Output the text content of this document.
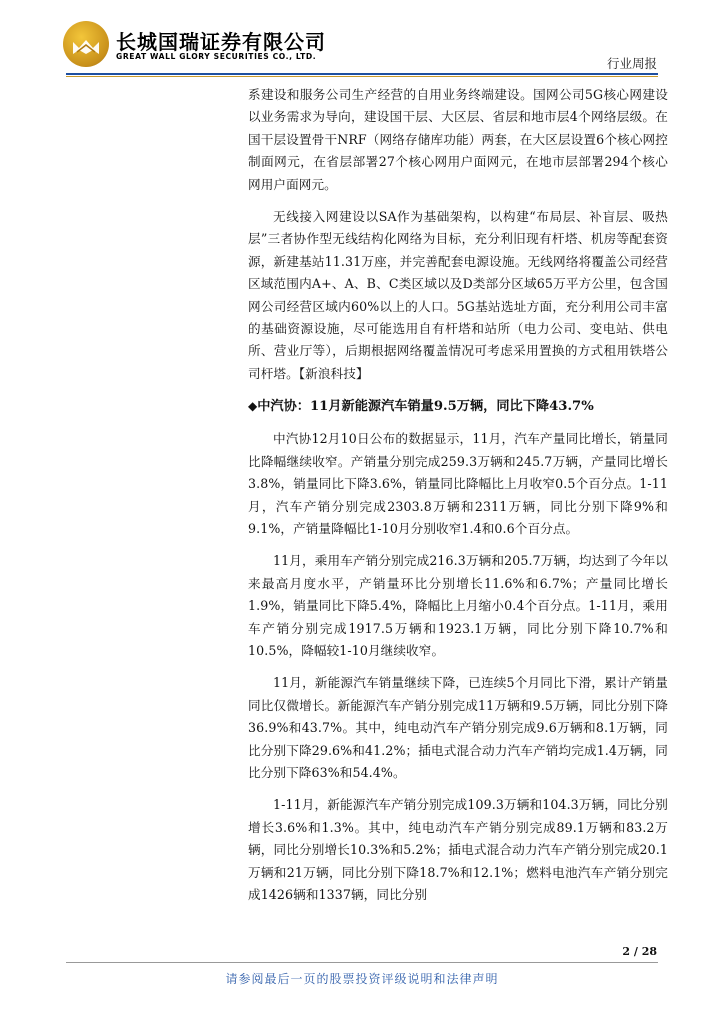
长城国瑞证券有限公司
GREAT WALL GLORY SECURITIES CO., LTD.	行业周报

系建设和服务公司生产经营的自用业务终端建设。国网公司5G核心网建设以业务需求为导向，建设国干层、大区层、省层和地市层4个网络层级。在国干层设置骨干NRF（网络存储库功能）两套，在大区层设置6个核心网控制面网元，在省层部署27个核心网用户面网元，在地市层部署294个核心网用户面网元。

无线接入网建设以SA作为基础架构，以构建“布局层、补盲层、吸热层”三者协作型无线结构化网络为目标，充分利旧现有杆塔、机房等配套资源，新建基站11.31万座，并完善配套电源设施。无线网络将覆盖公司经营区域范围内A+、A、B、C类区域以及D类部分区域65万平方公里，包含国网公司经营区域内60%以上的人口。5G基站选址方面，充分利用公司丰富的基础资源设施，尽可能选用自有杆塔和站所（电力公司、变电站、供电所、营业厅等），后期根据网络覆盖情况可考虑采用置换的方式租用铁塔公司杆塔。【新浪科技】

◆中汽协：11月新能源汽车销量9.5万辆，同比下降43.7%

中汽协12月10日公布的数据显示，11月，汽车产量同比增长，销量同比降幅继续收窄。产销量分别完成259.3万辆和245.7万辆，产量同比增长3.8%，销量同比下降3.6%，销量同比降幅比上月收窄0.5个百分点。1-11月，汽车产销分别完成2303.8万辆和2311万辆，同比分别下降9%和9.1%，产销量降幅比1-10月分别收窄1.4和0.6个百分点。

11月，乘用车产销分别完成216.3万辆和205.7万辆，均达到了今年以来最高月度水平，产销量环比分别增长11.6%和6.7%；产量同比增长1.9%，销量同比下降5.4%，降幅比上月缩小0.4个百分点。1-11月，乘用车产销分别完成1917.5万辆和1923.1万辆，同比分别下降10.7%和10.5%，降幅较1-10月继续收窄。

11月，新能源汽车销量继续下降，已连续5个月同比下滑，累计产销量同比仅微增长。新能源汽车产销分别完成11万辆和9.5万辆，同比分别下降36.9%和43.7%。其中，纯电动汽车产销分别完成9.6万辆和8.1万辆，同比分别下降29.6%和41.2%；插电式混合动力汽车产销均完成1.4万辆，同比分别下降63%和54.4%。

1-11月，新能源汽车产销分别完成109.3万辆和104.3万辆，同比分别增长3.6%和1.3%。其中，纯电动汽车产销分别完成89.1万辆和83.2万辆，同比分别增长10.3%和5.2%；插电式混合动力汽车产销分别完成20.1万辆和21万辆，同比分别下降18.7%和12.1%；燃料电池汽车产销分别完成1426辆和1337辆，同比分别

2 / 28
请参阅最后一页的股票投资评级说明和法律声明
